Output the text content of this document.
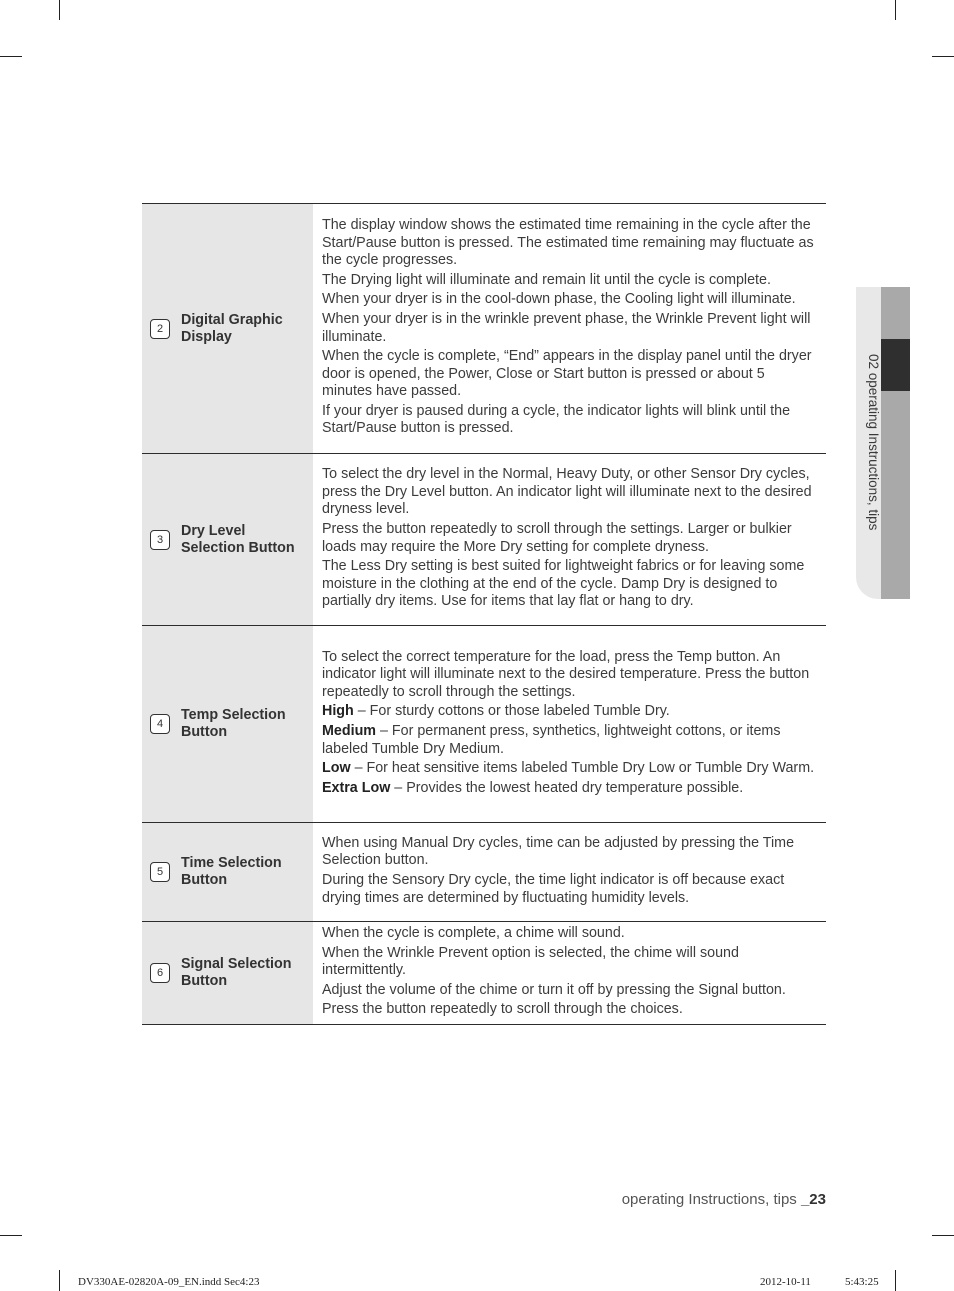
2
Digital Graphic Display

The display window shows the estimated time remaining in the cycle after the Start/Pause button is pressed. The estimated time remaining may fluctuate as the cycle progresses.

The Drying light will illuminate and remain lit until the cycle is complete.

When your dryer is in the cool-down phase, the Cooling light will illuminate.

When your dryer is in the wrinkle prevent phase, the Wrinkle Prevent light will illuminate.

When the cycle is complete, “End” appears in the display panel until the dryer door is opened, the Power, Close or Start button is pressed or about 5 minutes have passed.

If your dryer is paused during a cycle, the indicator lights will blink until the Start/Pause button is pressed.

3
Dry Level Selection Button

To select the dry level in the Normal, Heavy Duty, or other Sensor Dry cycles, press the Dry Level button. An indicator light will illuminate next to the desired dryness level.

Press the button repeatedly to scroll through the settings. Larger or bulkier loads may require the More Dry setting for complete dryness.

The Less Dry setting is best suited for lightweight fabrics or for leaving some moisture in the clothing at the end of the cycle. Damp Dry is designed to partially dry items. Use for items that lay flat or hang to dry.

4
Temp Selection Button

To select the correct temperature for the load, press the Temp button. An indicator light will illuminate next to the desired temperature. Press the button repeatedly to scroll through the settings.

High – For sturdy cottons or those labeled Tumble Dry.

Medium – For permanent press, synthetics, lightweight cottons, or items labeled Tumble Dry Medium.

Low – For heat sensitive items labeled Tumble Dry Low or Tumble Dry Warm.

Extra Low – Provides the lowest heated dry temperature possible.

5
Time Selection Button

When using Manual Dry cycles, time can be adjusted by pressing the Time Selection button.

During the Sensory Dry cycle, the time light indicator is off because exact drying times are determined by fluctuating humidity levels.

6
Signal Selection Button

When the cycle is complete, a chime will sound.

When the Wrinkle Prevent option is selected, the chime will sound intermittently.

Adjust the volume of the chime or turn it off by pressing the Signal button.

Press the button repeatedly to scroll through the choices.

02 operating Instructions, tips
operating Instructions, tips _23
DV330AE-02820A-09_EN.indd Sec4:23	2012-10-11	5:43:25
